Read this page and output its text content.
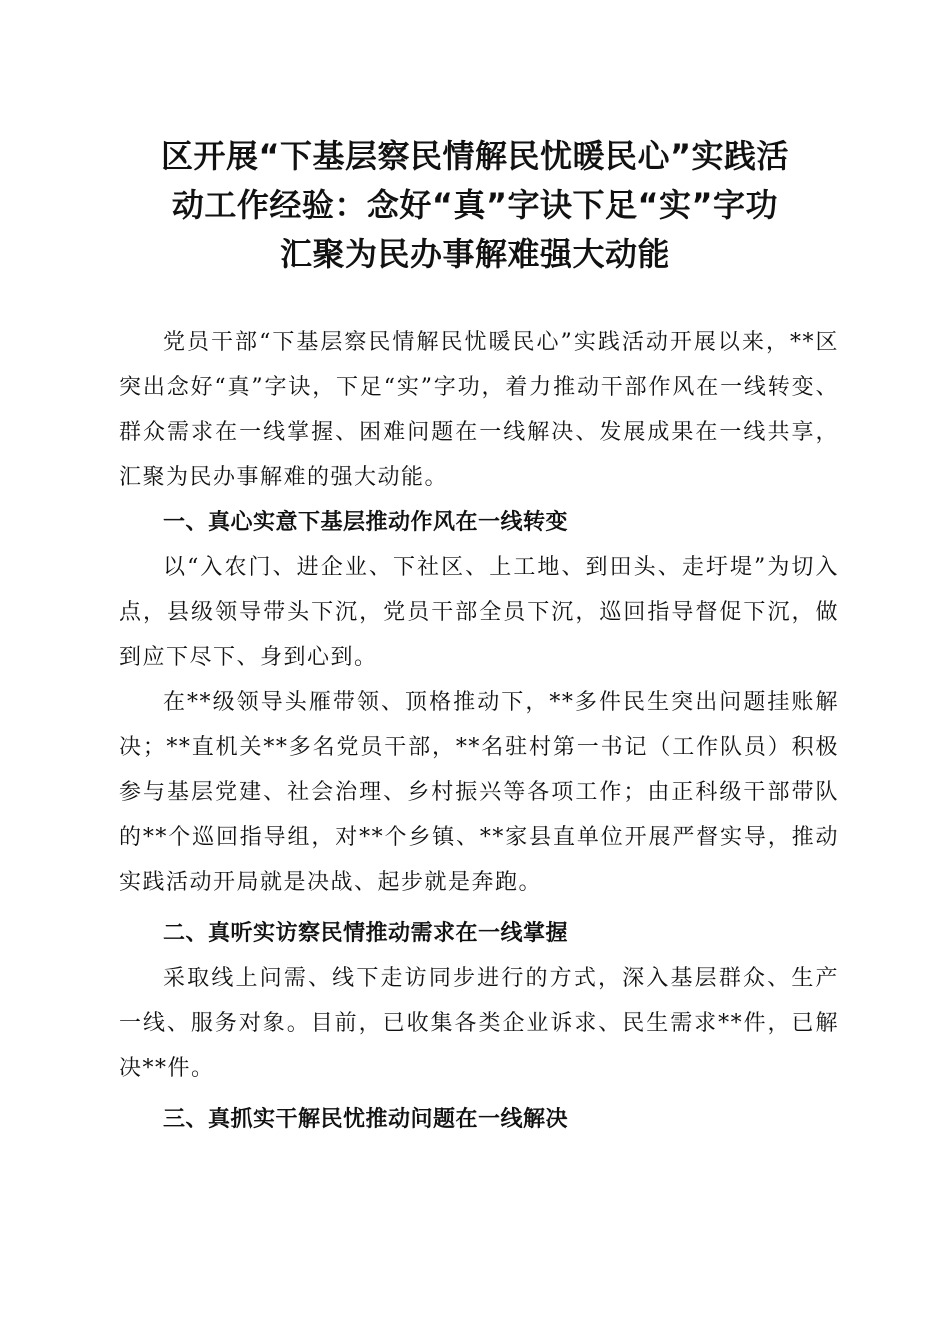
区开展“下基层察民情解民忧暖民心”实践活
动工作经验：念好“真”字诀下足“实”字功
汇聚为民办事解难强大动能

党员干部“下基层察民情解民忧暖民心”实践活动开展以来，**区突出念好“真”字诀，下足“实”字功，着力推动干部作风在一线转变、群众需求在一线掌握、困难问题在一线解决、发展成果在一线共享，汇聚为民办事解难的强大动能。

一、真心实意下基层推动作风在一线转变

以“入农门、进企业、下社区、上工地、到田头、走圩堤”为切入点，县级领导带头下沉，党员干部全员下沉，巡回指导督促下沉，做到应下尽下、身到心到。

在**级领导头雁带领、顶格推动下，**多件民生突出问题挂账解决；**直机关**多名党员干部，**名驻村第一书记（工作队员）积极参与基层党建、社会治理、乡村振兴等各项工作；由正科级干部带队的**个巡回指导组，对**个乡镇、**家县直单位开展严督实导，推动实践活动开局就是决战、起步就是奔跑。

二、真听实访察民情推动需求在一线掌握

采取线上问需、线下走访同步进行的方式，深入基层群众、生产一线、服务对象。目前，已收集各类企业诉求、民生需求**件，已解决**件。

三、真抓实干解民忧推动问题在一线解决
